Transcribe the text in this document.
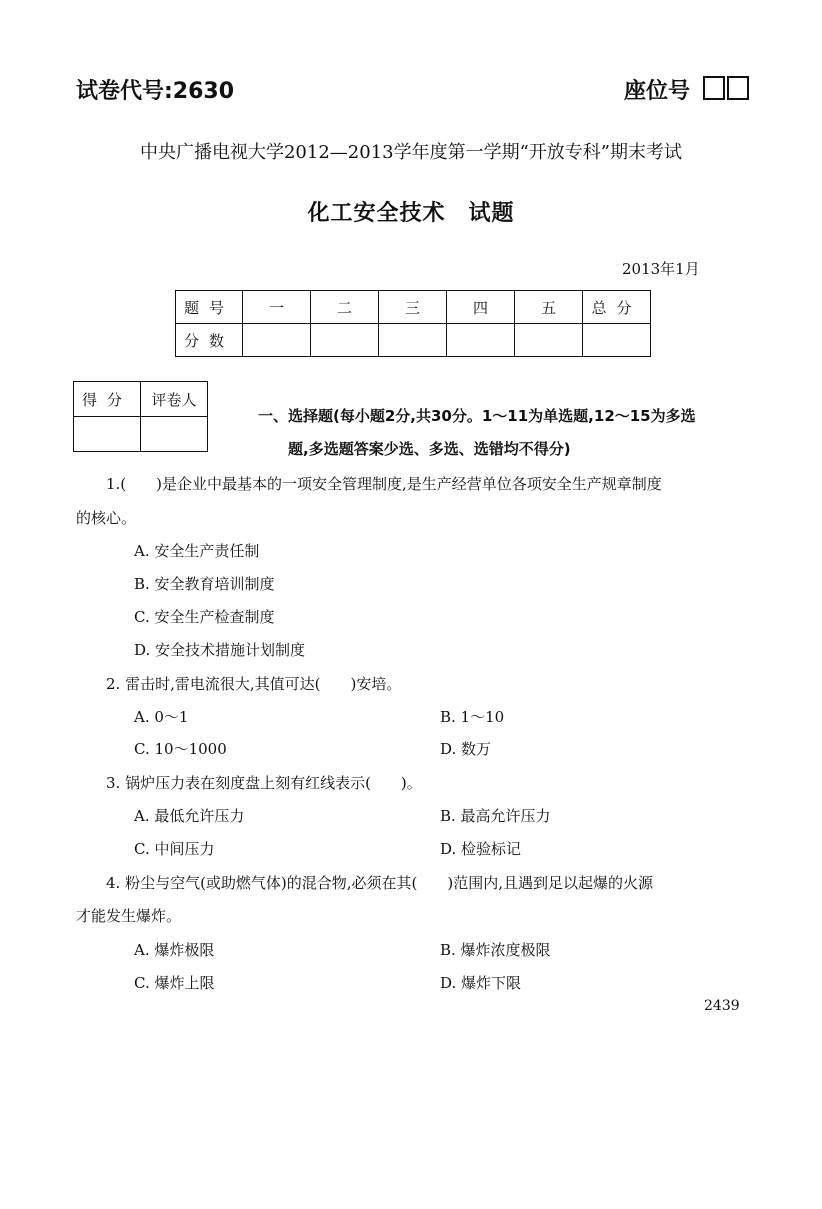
试卷代号:2630	座位号
中央广播电视大学2012—2013学年度第一学期“开放专科”期末考试
化工安全技术　试题
2013年1月
题号	一	二	三	四	五	总分
分数						
得分	评卷人

一、选择题(每小题2分,共30分。1～11为单选题,12～15为多选
题,多选题答案少选、多选、选错均不得分)
1.(　　)是企业中最基本的一项安全管理制度,是生产经营单位各项安全生产规章制度
的核心。
A. 安全生产责任制
B. 安全教育培训制度
C. 安全生产检查制度
D. 安全技术措施计划制度
2. 雷击时,雷电流很大,其值可达(　　)安培。
A. 0～1	B. 1～10
C. 10～1000	D. 数万
3. 锅炉压力表在刻度盘上刻有红线表示(　　)。
A. 最低允许压力	B. 最高允许压力
C. 中间压力	D. 检验标记
4. 粉尘与空气(或助燃气体)的混合物,必须在其(　　)范围内,且遇到足以起爆的火源
才能发生爆炸。
A. 爆炸极限	B. 爆炸浓度极限
C. 爆炸上限	D. 爆炸下限
2439
